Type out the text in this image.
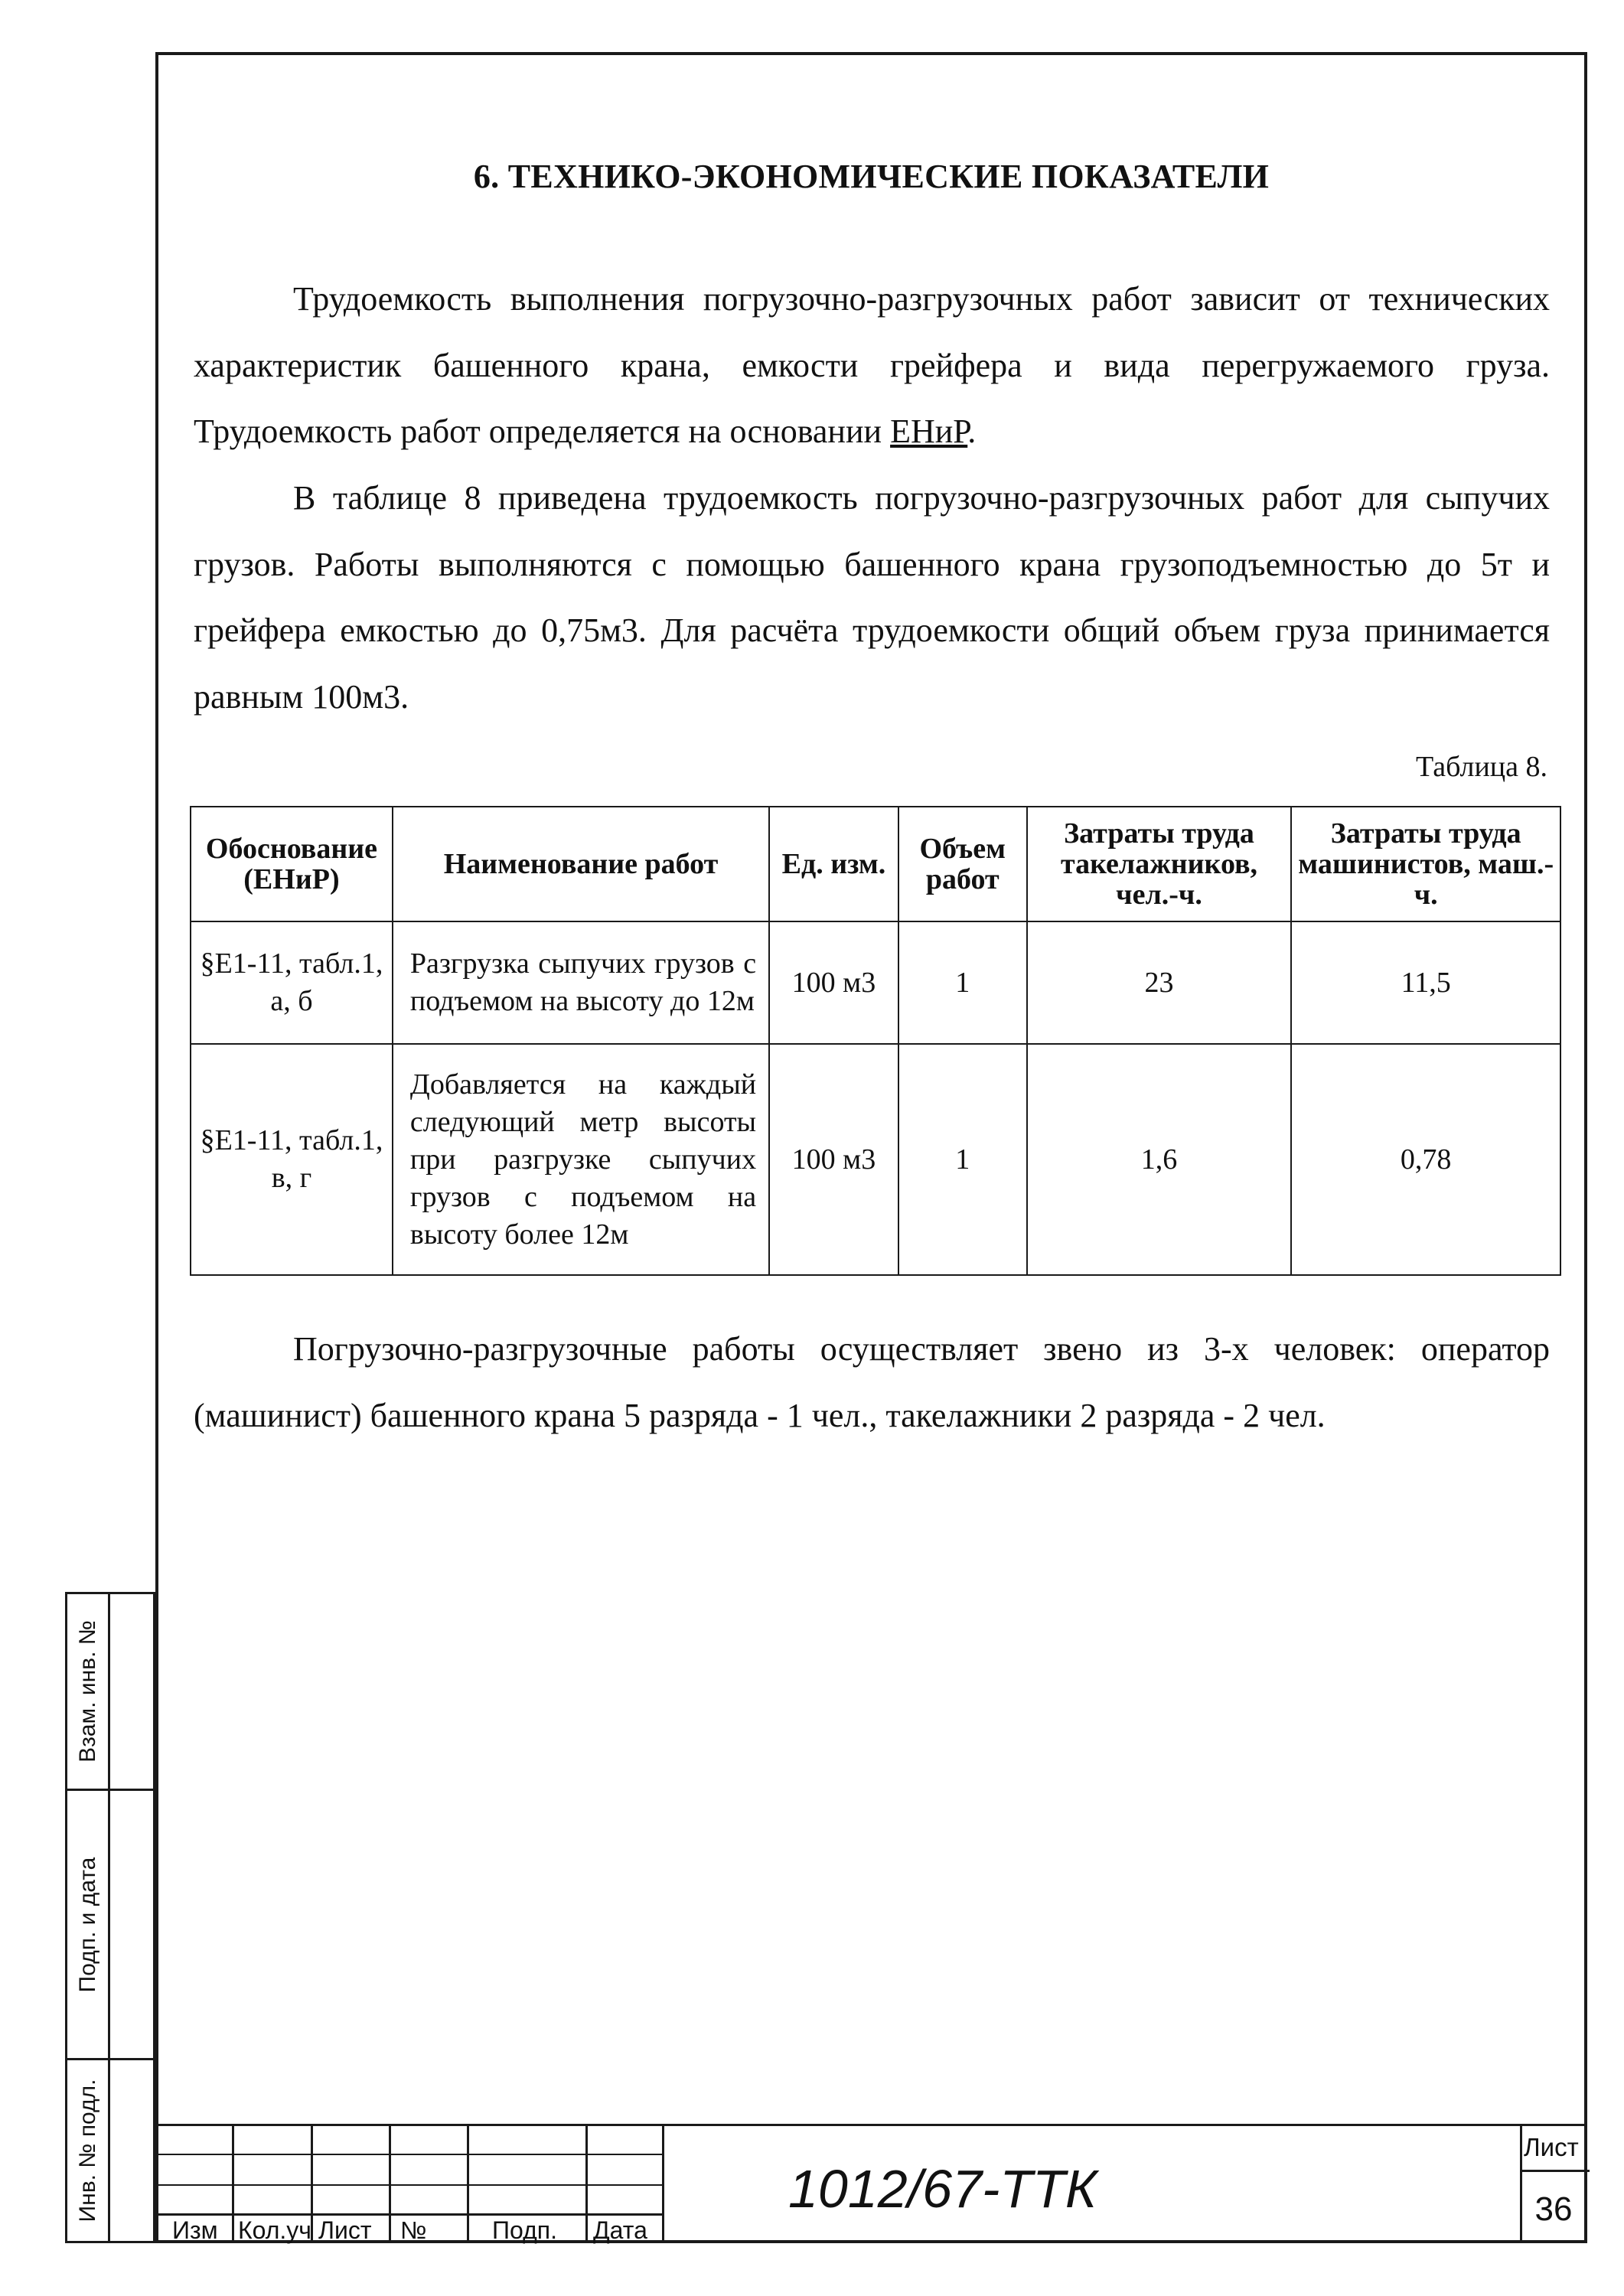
Взам. инв. №
Подп. и дата
Инв. № подл.
6. ТЕХНИКО-ЭКОНОМИЧЕСКИЕ ПОКАЗАТЕЛИ

Трудоемкость выполнения погрузочно-разгрузочных работ зависит от технических характеристик башенного крана, емкости грейфера и вида перегружаемого груза. Трудоемкость работ определяется на основании ЕНиР.

В таблице 8 приведена трудоемкость погрузочно-разгрузочных работ для сыпучих грузов. Работы выполняются с помощью башенного крана грузоподъемностью до 5т и грейфера емкостью до 0,75м3. Для расчёта трудоемкости общий объем груза принимается равным 100м3.

Таблица 8.
Обоснование (ЕНиР)	Наименование работ	Ед. изм.	Объем работ	Затраты труда такелажников, чел.-ч.	Затраты труда машинистов, маш.-ч.
§Е1-11, табл.1, а, б	Разгрузка сыпучих грузов с подъемом на высоту до 12м	100 м3	1	23	11,5
§Е1-11, табл.1, в, г	Добавляется на каждый следующий метр высоты при разгрузке сыпучих грузов с подъемом на высоту более 12м	100 м3	1	1,6	0,78

Погрузочно-разгрузочные работы осуществляет звено из 3-х человек: оператор (машинист) башенного крана 5 разряда - 1 чел., такелажники 2 разряда - 2 чел.

Изм Кол.уч Лист №	Подп. Дата
1012/67-ТТК
Лист
36
